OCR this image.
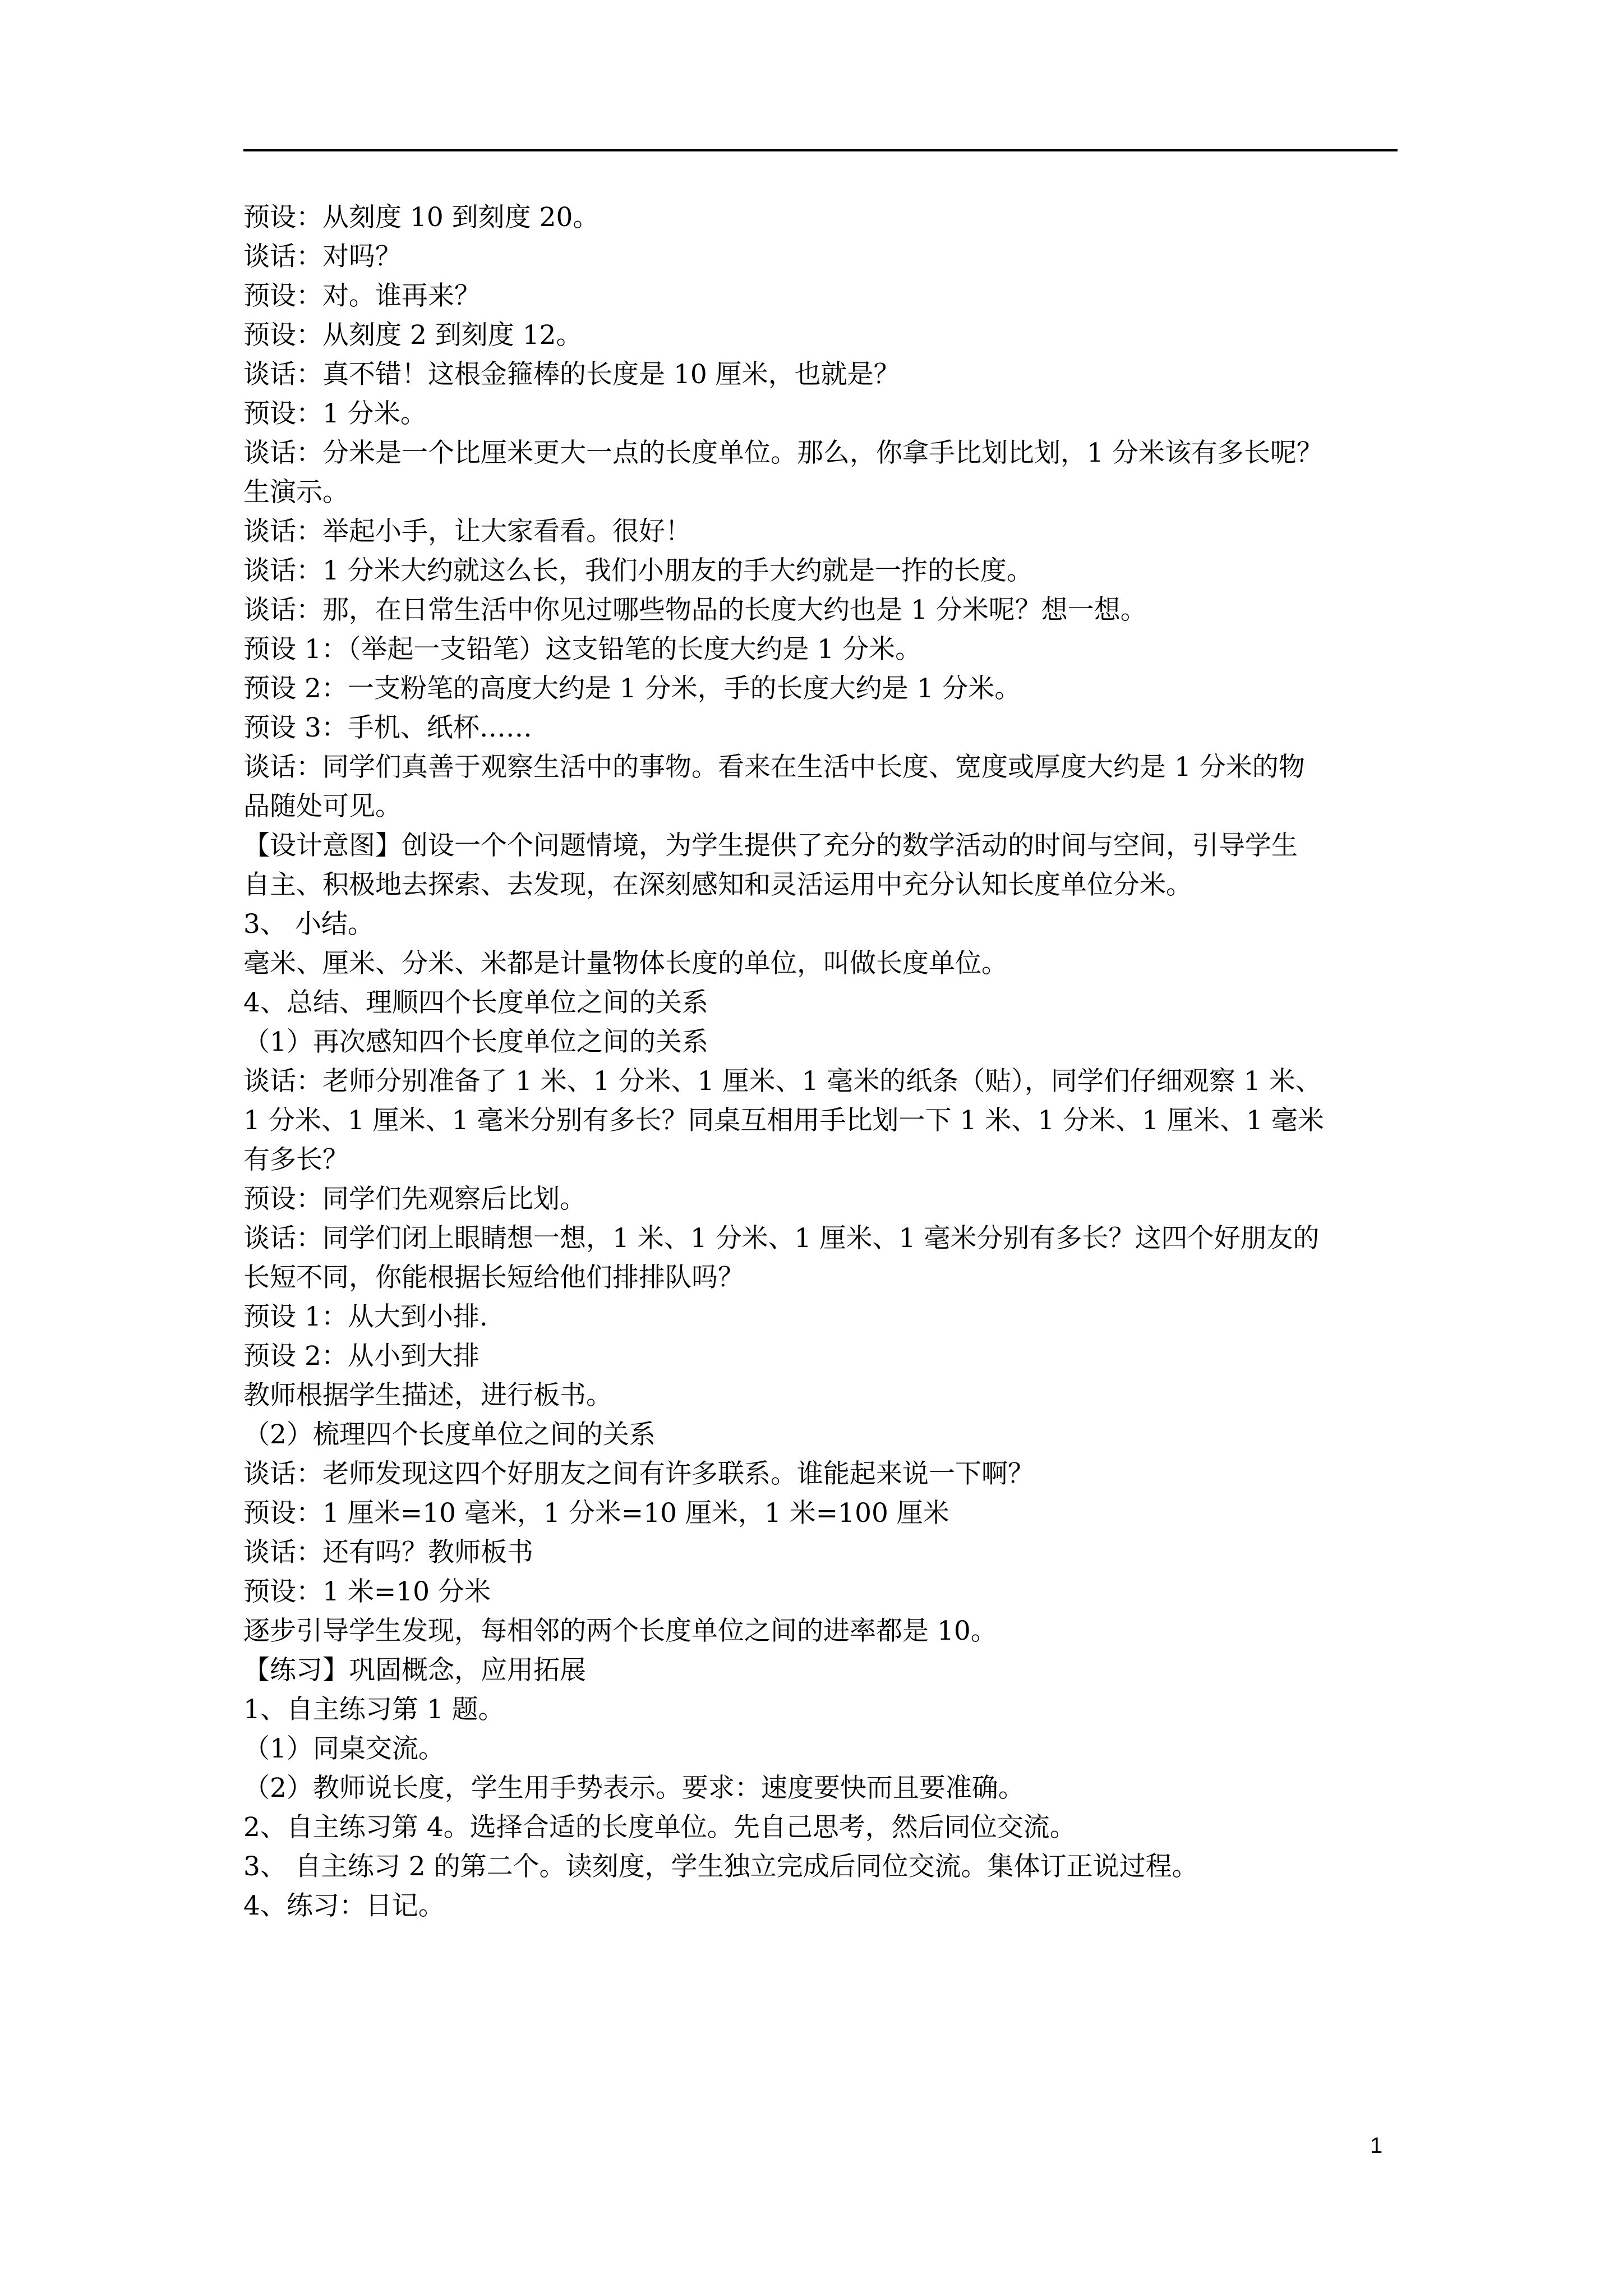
预设：从刻度 10 到刻度 20。
谈话：对吗？
预设：对。谁再来？
预设：从刻度 2 到刻度 12。
谈话：真不错！这根金箍棒的长度是 10 厘米，也就是？
预设：1 分米。
谈话：分米是一个比厘米更大一点的长度单位。那么，你拿手比划比划，1 分米该有多长呢？
生演示。
谈话：举起小手，让大家看看。很好！
谈话：1 分米大约就这么长，我们小朋友的手大约就是一拃的长度。
谈话：那，在日常生活中你见过哪些物品的长度大约也是 1 分米呢？想一想。
预设 1：（举起一支铅笔）这支铅笔的长度大约是 1 分米。
预设 2：一支粉笔的高度大约是 1 分米，手的长度大约是 1 分米。
预设 3：手机、纸杯……
谈话：同学们真善于观察生活中的事物。看来在生活中长度、宽度或厚度大约是 1 分米的物
品随处可见。
【设计意图】创设一个个问题情境，为学生提供了充分的数学活动的时间与空间，引导学生
自主、积极地去探索、去发现，在深刻感知和灵活运用中充分认知长度单位分米。
3、 小结。
毫米、厘米、分米、米都是计量物体长度的单位，叫做长度单位。
4、总结、理顺四个长度单位之间的关系
（1）再次感知四个长度单位之间的关系
谈话：老师分别准备了 1 米、1 分米、1 厘米、1 毫米的纸条（贴），同学们仔细观察 1 米、
1 分米、1 厘米、1 毫米分别有多长？同桌互相用手比划一下 1 米、1 分米、1 厘米、1 毫米
有多长？
预设：同学们先观察后比划。
谈话：同学们闭上眼睛想一想，1 米、1 分米、1 厘米、1 毫米分别有多长？这四个好朋友的
长短不同，你能根据长短给他们排排队吗？
预设 1：从大到小排.
预设 2：从小到大排
教师根据学生描述，进行板书。
（2）梳理四个长度单位之间的关系
谈话：老师发现这四个好朋友之间有许多联系。谁能起来说一下啊？
预设：1 厘米=10 毫米，1 分米=10 厘米，1 米=100 厘米
谈话：还有吗？教师板书
预设：1 米=10 分米
逐步引导学生发现，每相邻的两个长度单位之间的进率都是 10。
【练习】巩固概念，应用拓展
1、自主练习第 1 题。
（1）同桌交流。
（2）教师说长度，学生用手势表示。要求：速度要快而且要准确。
2、自主练习第 4。选择合适的长度单位。先自己思考，然后同位交流。
3、 自主练习 2 的第二个。读刻度，学生独立完成后同位交流。集体订正说过程。
4、练习：日记。
1
